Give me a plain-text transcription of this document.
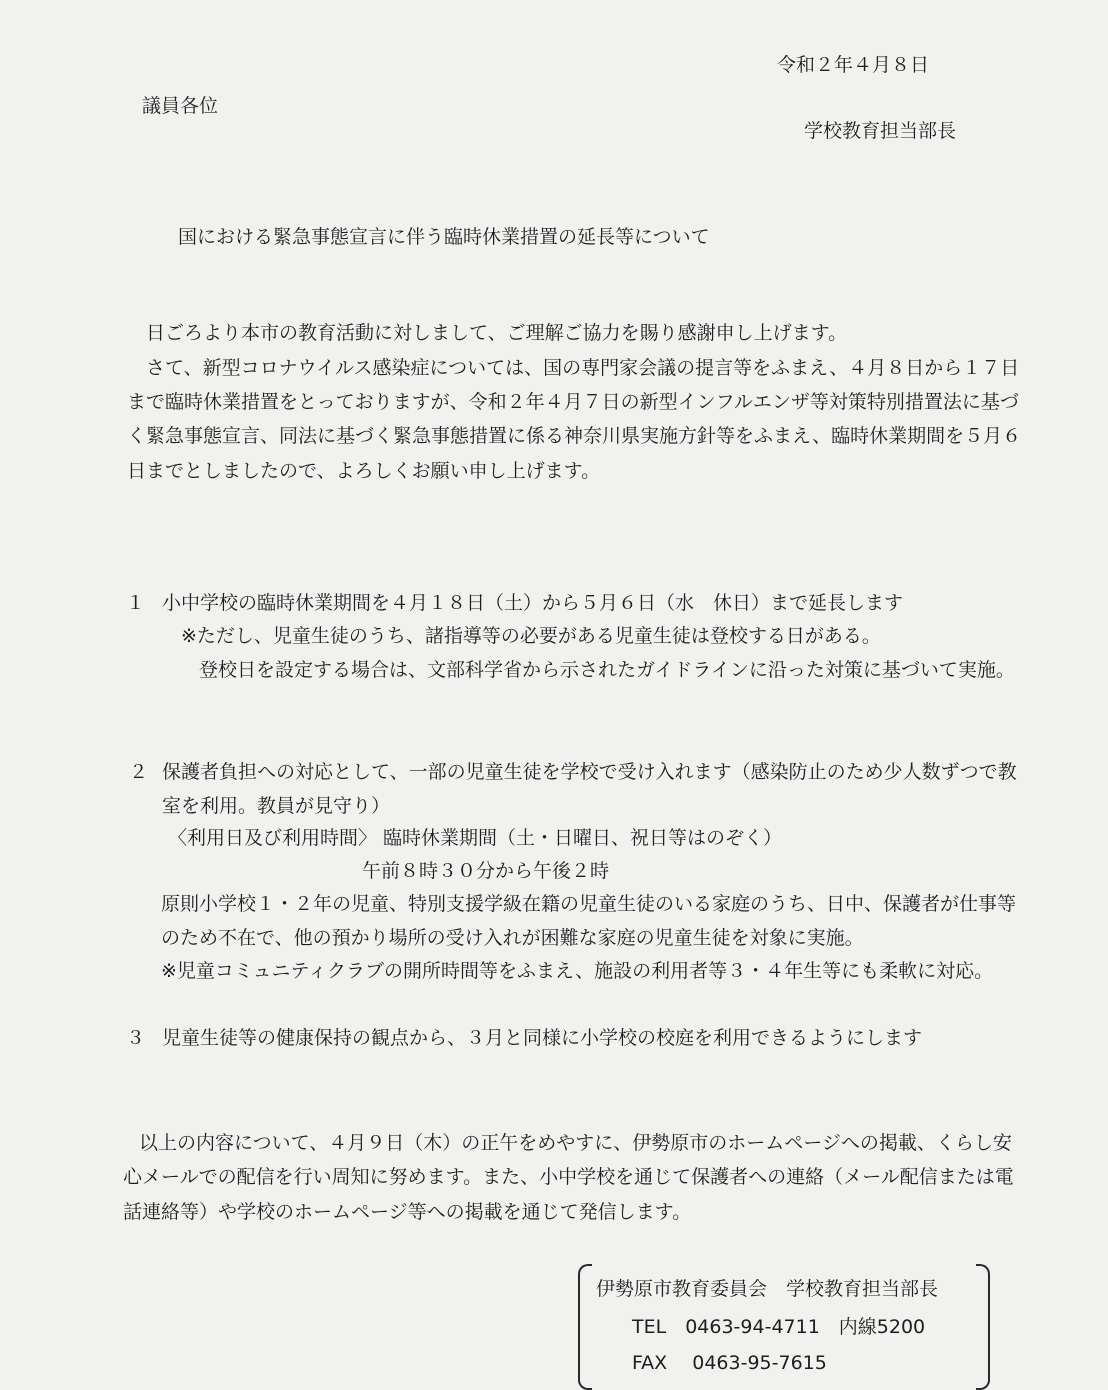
令和２年４月８日
議員各位
学校教育担当部長
国における緊急事態宣言に伴う臨時休業措置の延長等について
日ごろより本市の教育活動に対しまして、ご理解ご協力を賜り感謝申し上げます。
さて、新型コロナウイルス感染症については、国の専門家会議の提言等をふまえ、４月８日から１７日
まで臨時休業措置をとっておりますが、令和２年４月７日の新型インフルエンザ等対策特別措置法に基づ
く緊急事態宣言、同法に基づく緊急事態措置に係る神奈川県実施方針等をふまえ、臨時休業期間を５月６
日までとしましたので、よろしくお願い申し上げます。
１ 小中学校の臨時休業期間を４月１８日（土）から５月６日（水　休日）まで延長します
※ただし、児童生徒のうち、諸指導等の必要がある児童生徒は登校する日がある。
登校日を設定する場合は、文部科学省から示されたガイドラインに沿った対策に基づいて実施。
２ 保護者負担への対応として、一部の児童生徒を学校で受け入れます（感染防止のため少人数ずつで教
室を利用。教員が見守り）
〈利用日及び利用時間〉 臨時休業期間（土・日曜日、祝日等はのぞく）
午前８時３０分から午後２時
原則小学校１・２年の児童、特別支援学級在籍の児童生徒のいる家庭のうち、日中、保護者が仕事等
のため不在で、他の預かり場所の受け入れが困難な家庭の児童生徒を対象に実施。
※児童コミュニティクラブの開所時間等をふまえ、施設の利用者等３・４年生等にも柔軟に対応。
３ 児童生徒等の健康保持の観点から、３月と同様に小学校の校庭を利用できるようにします
以上の内容について、４月９日（木）の正午をめやすに、伊勢原市のホームページへの掲載、くらし安
心メールでの配信を行い周知に努めます。また、小中学校を通じて保護者への連絡（メール配信または電
話連絡等）や学校のホームページ等への掲載を通じて発信します。
伊勢原市教育委員会　学校教育担当部長
TEL　0463-94-4711　内線5200
FAX　 0463-95-7615
